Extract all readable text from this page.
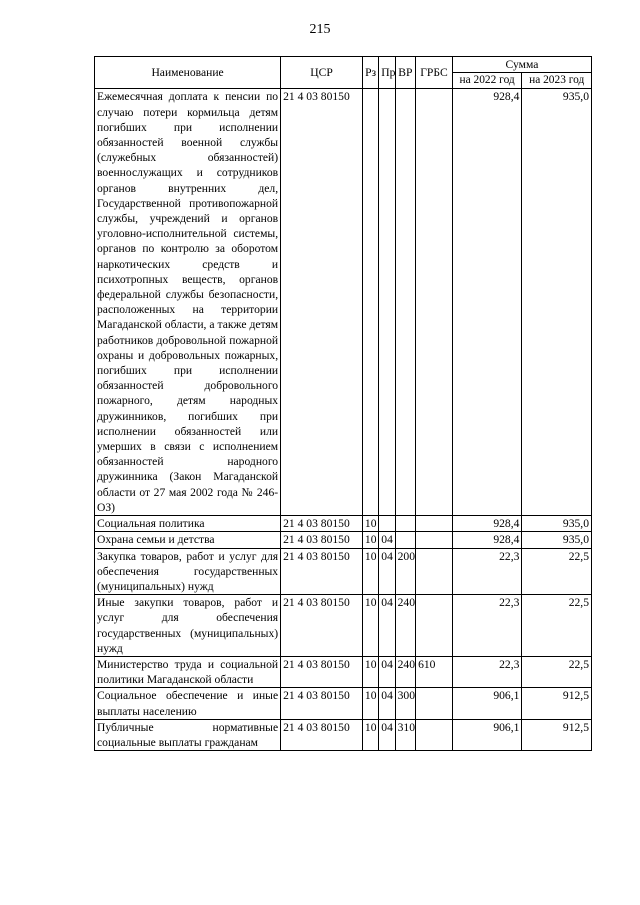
215
Наименование	ЦСР	Рз	Пр	ВР	ГРБС	Сумма	
						на 2022 год	на 2023 год
Ежемесячная доплата к пенсии по случаю потери кормильца детям погибших при исполнении обязанностей военной службы (служебных обязанностей) военнослужащих и сотрудников органов внутренних дел, Государственной противопожарной службы, учреждений и органов уголовно-исполнительной системы, органов по контролю за оборотом наркотических средств и психотропных веществ, органов федеральной службы безопасности, расположенных на территории Магаданской области, а также детям работников добровольной пожарной охраны и добровольных пожарных, погибших при исполнении обязанностей добровольного пожарного, детям народных дружинников, погибших при исполнении обязанностей или умерших в связи с исполнением обязанностей народного дружинника (Закон Магаданской области от 27 мая 2002 года № 246-ОЗ)	21 4 03 80150					928,4	935,0
Социальная политика	21 4 03 80150	10				928,4	935,0
Охрана семьи и детства	21 4 03 80150	10	04			928,4	935,0
Закупка товаров, работ и услуг для обеспечения государственных (муниципальных) нужд	21 4 03 80150	10	04	200		22,3	22,5
Иные закупки товаров, работ и услуг для обеспечения государственных (муниципальных) нужд	21 4 03 80150	10	04	240		22,3	22,5
Министерство труда и социальной политики Магаданской области	21 4 03 80150	10	04	240	610	22,3	22,5
Социальное обеспечение и иные выплаты населению	21 4 03 80150	10	04	300		906,1	912,5
Публичные нормативные социальные выплаты гражданам	21 4 03 80150	10	04	310		906,1	912,5
